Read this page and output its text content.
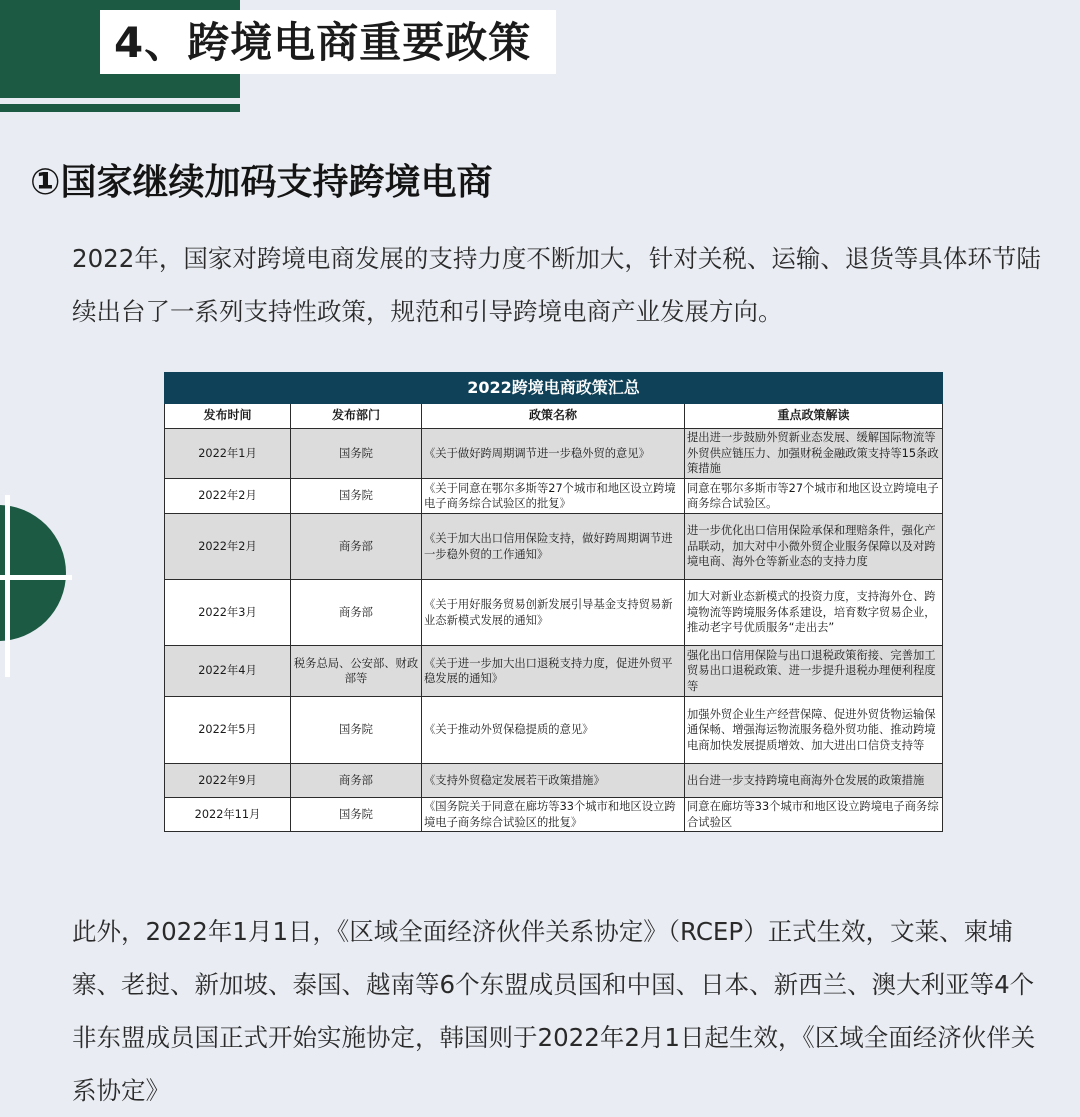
4、跨境电商重要政策
①国家继续加码支持跨境电商

2022年，国家对跨境电商发展的支持力度不断加大，针对关税、运输、退货等具体环节陆续出台了一系列支持性政策，规范和引导跨境电商产业发展方向。

2022跨境电商政策汇总			
发布时间	发布部门	政策名称	重点政策解读
2022年1月	国务院	《关于做好跨周期调节进一步稳外贸的意见》	提出进一步鼓励外贸新业态发展、缓解国际物流等外贸供应链压力、加强财税金融政策支持等15条政策措施
2022年2月	国务院	《关于同意在鄂尔多斯等27个城市和地区设立跨境电子商务综合试验区的批复》	同意在鄂尔多斯市等27个城市和地区设立跨境电子商务综合试验区。
2022年2月	商务部	《关于加大出口信用保险支持，做好跨周期调节进一步稳外贸的工作通知》	进一步优化出口信用保险承保和理赔条件，强化产品联动，加大对中小微外贸企业服务保障以及对跨境电商、海外仓等新业态的支持力度
2022年3月	商务部	《关于用好服务贸易创新发展引导基金支持贸易新业态新模式发展的通知》	加大对新业态新模式的投资力度，支持海外仓、跨境物流等跨境服务体系建设，培育数字贸易企业，推动老字号优质服务“走出去”
2022年4月	税务总局、公安部、财政部等	《关于进一步加大出口退税支持力度，促进外贸平稳发展的通知》	强化出口信用保险与出口退税政策衔接、完善加工贸易出口退税政策、进一步提升退税办理便利程度等
2022年5月	国务院	《关于推动外贸保稳提质的意见》	加强外贸企业生产经营保障、促进外贸货物运输保通保畅、增强海运物流服务稳外贸功能、推动跨境电商加快发展提质增效、加大进出口信贷支持等
2022年9月	商务部	《支持外贸稳定发展若干政策措施》	出台进一步支持跨境电商海外仓发展的政策措施
2022年11月	国务院	《国务院关于同意在廊坊等33个城市和地区设立跨境电子商务综合试验区的批复》	同意在廊坊等33个城市和地区设立跨境电子商务综合试验区

此外，2022年1月1日，《区域全面经济伙伴关系协定》（RCEP）正式生效，文莱、柬埔寨、老挝、新加坡、泰国、越南等6个东盟成员国和中国、日本、新西兰、澳大利亚等4个非东盟成员国正式开始实施协定，韩国则于2022年2月1日起生效，《区域全面经济伙伴关系协定》
